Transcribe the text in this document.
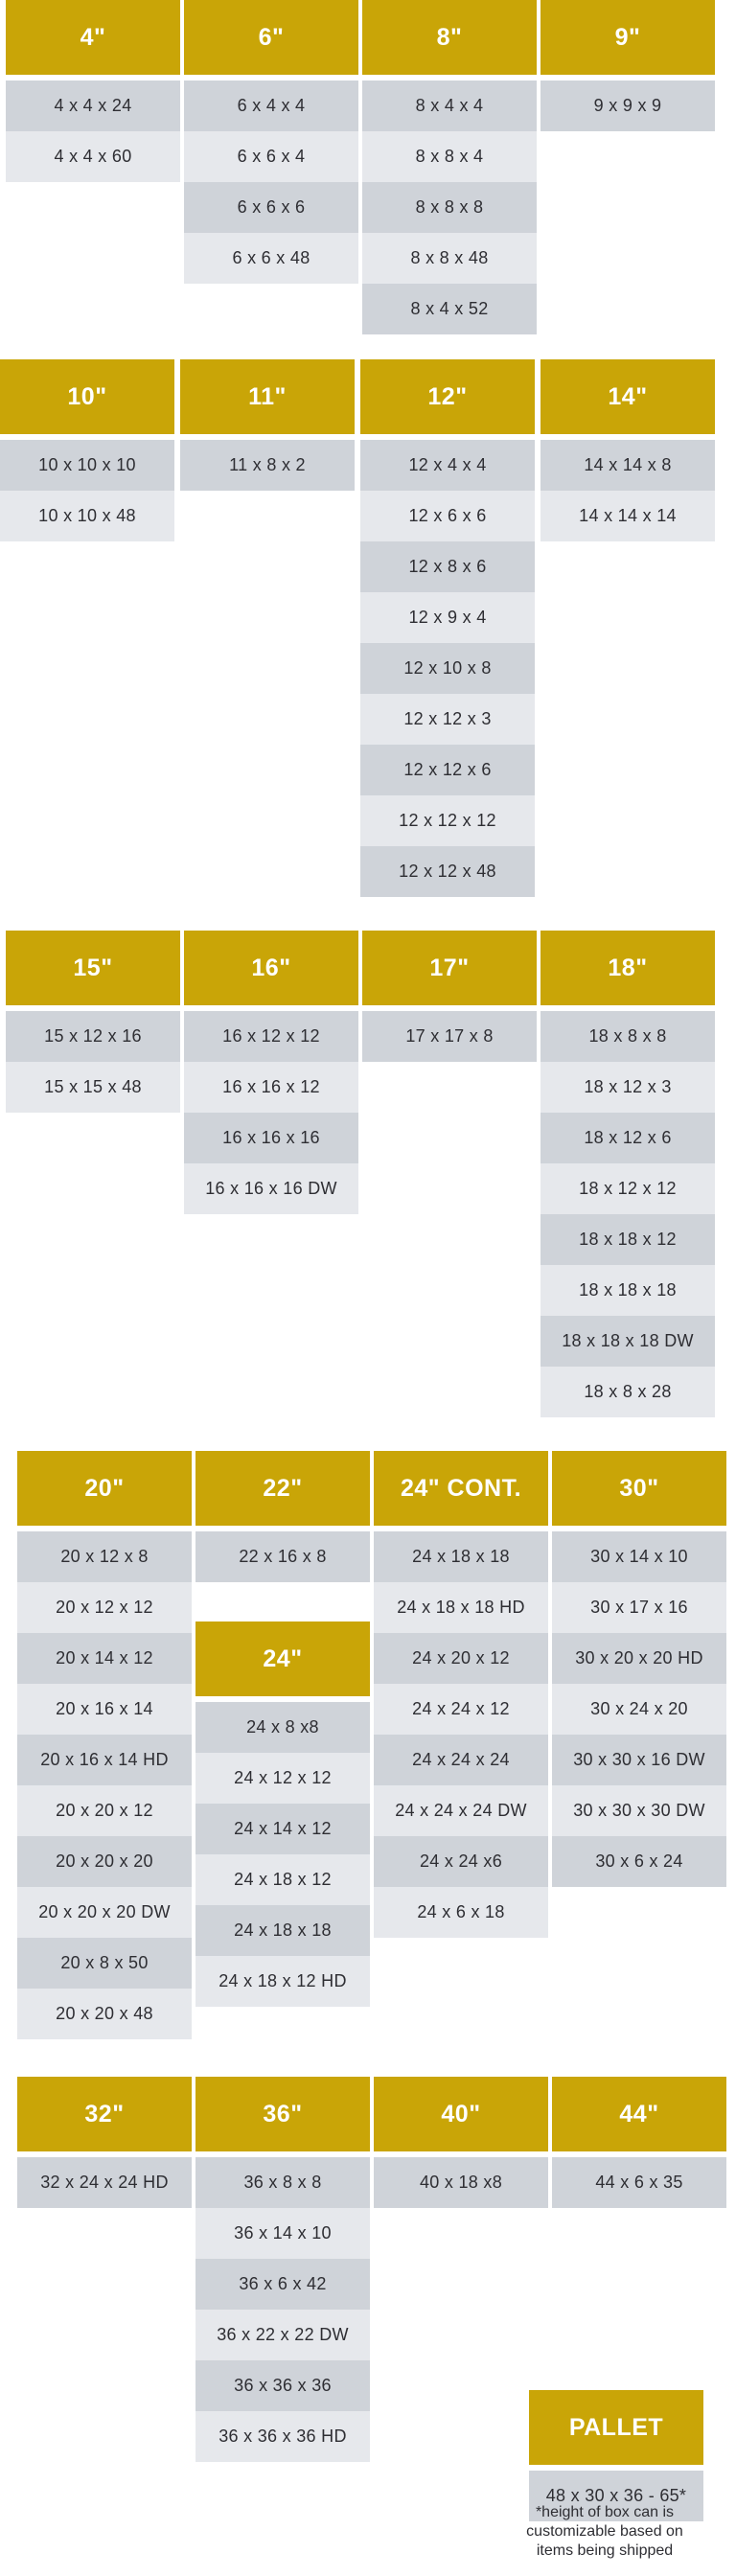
4"
4 x 4 x 24
4 x 4 x 60
6"
6 x 4 x 4
6 x 6 x 4
6 x 6 x 6
6 x 6 x 48
8"
8 x 4 x 4
8 x 8 x 4
8 x 8 x 8
8 x 8 x 48
8 x 4 x 52
9"
9 x 9 x 9
10"
10 x 10 x 10
10 x 10 x 48
11"
11 x 8 x 2
12"
12 x 4 x 4
12 x 6 x 6
12 x 8 x 6
12 x 9 x 4
12 x 10 x 8
12 x 12 x 3
12 x 12 x 6
12 x 12 x 12
12 x 12 x 48
14"
14 x 14 x 8
14 x 14 x 14
15"
15 x 12 x 16
15 x 15 x 48
16"
16 x 12 x 12
16 x 16 x 12
16 x 16 x 16
16 x 16 x 16 DW
17"
17 x 17 x 8
18"
18 x 8 x 8
18 x 12 x 3
18 x 12 x 6
18 x 12 x 12
18 x 18 x 12
18 x 18 x 18
18 x 18 x 18 DW
18 x 8 x 28
20"
20 x 12 x 8
20 x 12 x 12
20 x 14 x 12
20 x 16 x 14
20 x 16 x 14 HD
20 x 20 x 12
20 x 20 x 20
20 x 20 x 20 DW
20 x 8 x 50
20 x 20 x 48
22"
22 x 16 x 8
24" CONT.
24 x 18 x 18
24 x 18 x 18 HD
24 x 20 x 12
24 x 24 x 12
24 x 24 x 24
24 x 24 x 24 DW
24 x 24 x6
24 x 6 x 18
30"
30 x 14 x 10
30 x 17 x 16
30 x 20 x 20 HD
30 x 24 x 20
30 x 30 x 16 DW
30 x 30 x 30 DW
30 x 6 x 24
24"
24 x 8 x8
24 x 12 x 12
24 x 14 x 12
24 x 18 x 12
24 x 18 x 18
24 x 18 x 12 HD
32"
32 x 24 x 24 HD
36"
36 x 8 x 8
36 x 14 x 10
36 x 6 x 42
36 x 22 x 22 DW
36 x 36 x 36
36 x 36 x 36 HD
40"
40 x 18 x8
44"
44 x 6 x 35
PALLET
48 x 30 x 36 - 65*
*height of box can is customizable based on items being shipped
